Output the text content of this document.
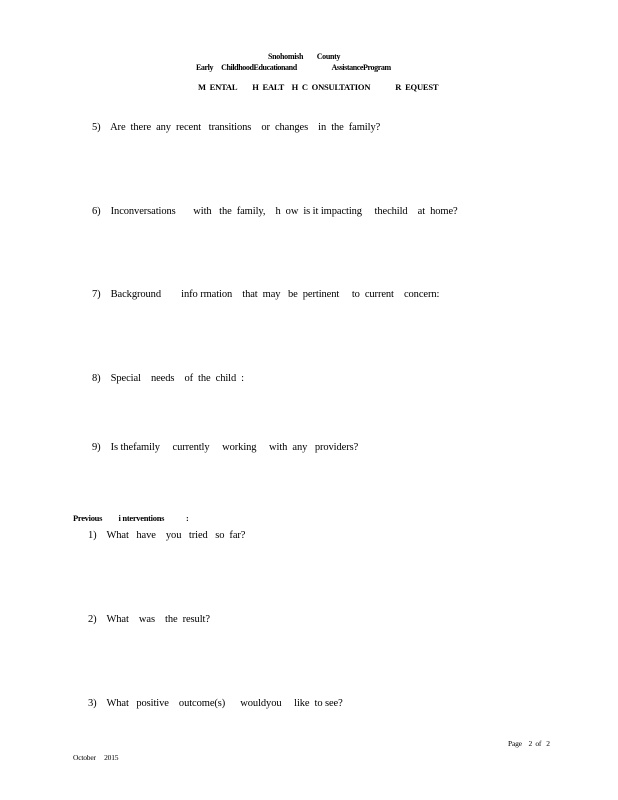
Snohomish        County
Early     ChildhoodEducationand                      AssistanceProgram
M  ENTAL        H  EALT    H  C  ONSULTATION             R  EQUEST
5)    Are  there  any  recent   transitions    or  changes    in  the  family?
6)    Inconversations       with   the  family,    h  ow  is it impacting     thechild    at  home?
7)    Background        info rmation    that  may   be  pertinent     to  current    concern:
8)    Special    needs    of  the  child  :
9)    Is thefamily     currently     working     with  any   providers?
Previous         i nterventions            :
1)    What   have    you   tried   so  far?
2)    What    was    the  result?
3)    What   positive    outcome(s)      wouldyou     like  to see?
Page    2  of   2
October     2015
